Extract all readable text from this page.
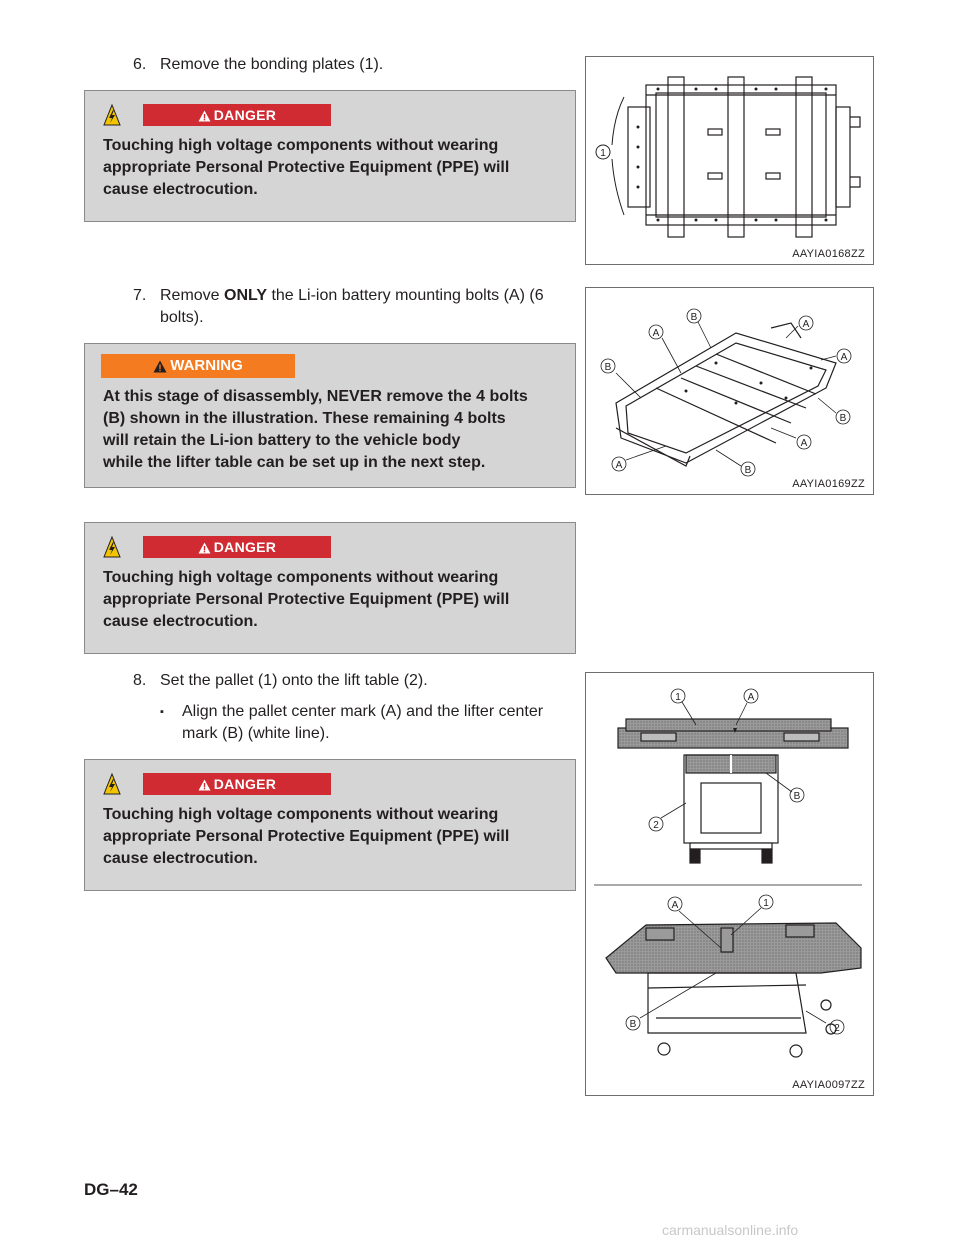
6. Remove the bonding plates (1).
DANGER
Touching high voltage components without wearing
appropriate Personal Protective Equipment (PPE) will
cause electrocution.
1
AAYIA0168ZZ
7. Remove ONLY the Li-ion battery mounting bolts (A) (6
bolts).
WARNING
At this stage of disassembly, NEVER remove the 4 bolts
(B) shown in the illustration. These remaining 4 bolts
will retain the Li-ion battery to the vehicle body
while the lifter table can be set up in the next step.
A
B
A
A
B
B
A
A	B
AAYIA0169ZZ
DANGER
Touching high voltage components without wearing
appropriate Personal Protective Equipment (PPE) will
cause electrocution.
8. Set the pallet (1) onto the lift table (2).
▪ Align the pallet center mark (A) and the lifter center
mark (B) (white line).
DANGER
Touching high voltage components without wearing
appropriate Personal Protective Equipment (PPE) will
cause electrocution.
1	A
B
2
A	1
B	2
AAYIA0097ZZ
DG–42
carmanualsonline.info
